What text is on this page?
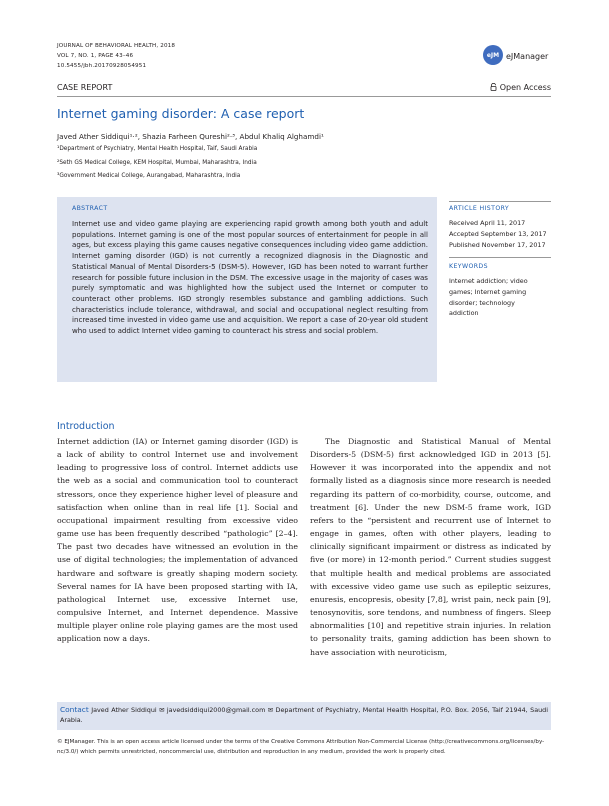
JOURNAL OF BEHAVIORAL HEALTH, 2018
VOL 7, NO. 1, PAGE 43–46
10.5455/jbh.20170928054951
eJM eJManager
CASE REPORT	Open Access
Internet gaming disorder: A case report
Javed Ather Siddiqui¹·², Shazia Farheen Qureshi²·³, Abdul Khaliq Alghamdi¹
¹Department of Psychiatry, Mental Health Hospital, Taif, Saudi Arabia
²Seth GS Medical College, KEM Hospital, Mumbai, Maharashtra, India
³Government Medical College, Aurangabad, Maharashtra, India
ABSTRACT
Internet use and video game playing are experiencing rapid growth among both youth and adult populations. Internet gaming is one of the most popular sources of entertainment for people in all ages, but excess playing this game causes negative consequences including video game addiction. Internet gaming disorder (IGD) is not currently a recognized diagnosis in the Diagnostic and Statistical Manual of Mental Disorders-5 (DSM-5). However, IGD has been noted to warrant further research for possible future inclusion in the DSM. The excessive usage in the majority of cases was purely symptomatic and was highlighted how the subject used the Internet or computer to counteract other problems. IGD strongly resembles substance and gambling addictions. Such characteristics include tolerance, withdrawal, and social and occupational neglect resulting from increased time invested in video game use and acquisition. We report a case of 20-year old student who used to addict Internet video gaming to counteract his stress and social problem.
ARTICLE HISTORY
Received April 11, 2017
Accepted September 13, 2017
Published November 17, 2017
KEYWORDS
Internet addiction; video
games; Internet gaming
disorder; technology
addiction
Introduction
Internet addiction (IA) or Internet gaming disorder (IGD) is a lack of ability to control Internet use and involvement leading to progressive loss of control. Internet addicts use the web as a social and communication tool to counteract stressors, once they experience higher level of pleasure and satisfaction when online than in real life [1]. Social and occupational impairment resulting from excessive video game use has been frequently described “pathologic” [2–4]. The past two decades have witnessed an evolution in the use of digital technologies; the implementation of advanced hardware and software is greatly shaping modern society. Several names for IA have been proposed starting with IA, pathological Internet use, excessive Internet use, compulsive Internet, and Internet dependence. Massive multiple player online role playing games are the most used application now a days.
The Diagnostic and Statistical Manual of Mental Disorders-5 (DSM-5) first acknowledged IGD in 2013 [5]. However it was incorporated into the appendix and not formally listed as a diagnosis since more research is needed regarding its pattern of co-morbidity, course, outcome, and treatment [6]. Under the new DSM-5 frame work, IGD refers to the “persistent and recurrent use of Internet to engage in games, often with other players, leading to clinically significant impairment or distress as indicated by five (or more) in 12-month period.” Current studies suggest that multiple health and medical problems are associated with excessive video game use such as epileptic seizures, enuresis, encopresis, obesity [7,8], wrist pain, neck pain [9], tenosynovitis, sore tendons, and numbness of fingers. Sleep abnormalities [10] and repetitive strain injuries. In relation to personality traits, gaming addiction has been shown to have association with neuroticism,
Contact Javed Ather Siddiqui ✉ javedsiddiqui2000@gmail.com ✉ Department of Psychiatry, Mental Health Hospital, P.O. Box. 2056, Taif 21944, Saudi Arabia.
© EJManager. This is an open access article licensed under the terms of the Creative Commons Attribution Non-Commercial License (http://creativecommons.org/licenses/by-nc/3.0/) which permits unrestricted, noncommercial use, distribution and reproduction in any medium, provided the work is properly cited.
